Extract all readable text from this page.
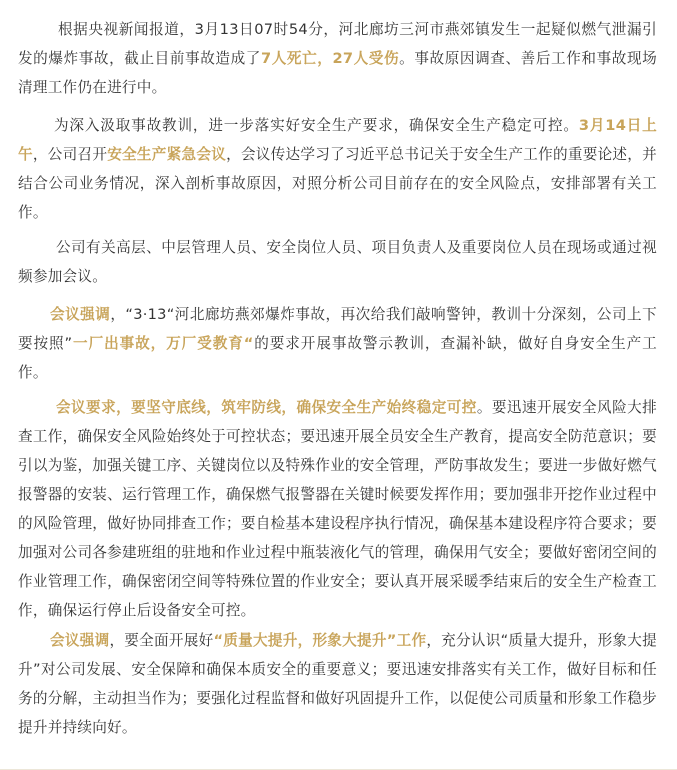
根据央视新闻报道，3月13日07时54分，河北廊坊三河市燕郊镇发生一起疑似燃气泄漏引发的爆炸事故，截止目前事故造成了7人死亡，27人受伤。事故原因调查、善后工作和事故现场清理工作仍在进行中。

为深入汲取事故教训，进一步落实好安全生产要求，确保安全生产稳定可控。3月14日上午，公司召开安全生产紧急会议，会议传达学习了习近平总书记关于安全生产工作的重要论述，并结合公司业务情况，深入剖析事故原因，对照分析公司目前存在的安全风险点，安排部署有关工作。

公司有关高层、中层管理人员、安全岗位人员、项目负责人及重要岗位人员在现场或通过视频参加会议。

会议强调，“3·13“河北廊坊燕郊爆炸事故，再次给我们敲响警钟，教训十分深刻，公司上下要按照”一厂出事故，万厂受教育“的要求开展事故警示教训，查漏补缺，做好自身安全生产工作。

会议要求，要坚守底线，筑牢防线，确保安全生产始终稳定可控。要迅速开展安全风险大排查工作，确保安全风险始终处于可控状态；要迅速开展全员安全生产教育，提高安全防范意识；要引以为鉴，加强关键工序、关键岗位以及特殊作业的安全管理，严防事故发生；要进一步做好燃气报警器的安装、运行管理工作，确保燃气报警器在关键时候要发挥作用；要加强非开挖作业过程中的风险管理，做好协同排查工作；要自检基本建设程序执行情况，确保基本建设程序符合要求；要加强对公司各参建班组的驻地和作业过程中瓶装液化气的管理，确保用气安全；要做好密闭空间的作业管理工作，确保密闭空间等特殊位置的作业安全；要认真开展采暖季结束后的安全生产检查工作，确保运行停止后设备安全可控。

会议强调，要全面开展好“质量大提升，形象大提升”工作，充分认识“质量大提升，形象大提升”对公司发展、安全保障和确保本质安全的重要意义；要迅速安排落实有关工作，做好目标和任务的分解，主动担当作为；要强化过程监督和做好巩固提升工作，以促使公司质量和形象工作稳步提升并持续向好。
